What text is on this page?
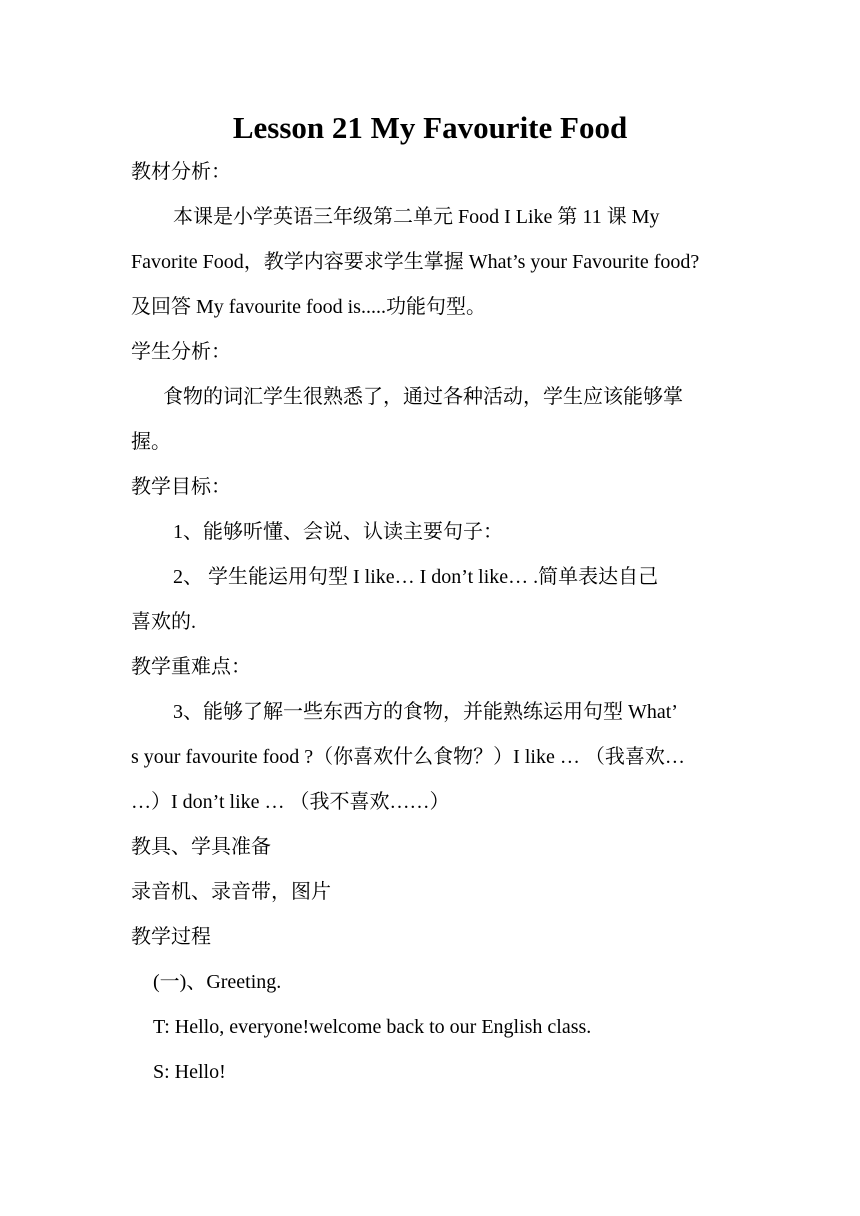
Lesson 21 My Favourite Food
教材分析：
本课是小学英语三年级第二单元 Food I Like 第 11 课 My
Favorite Food，教学内容要求学生掌握 What’s your Favourite food?
及回答 My favourite food is.....功能句型。
学生分析：
食物的词汇学生很熟悉了，通过各种活动，学生应该能够掌
握。
教学目标：
1、能够听懂、会说、认读主要句子：
2、 学生能运用句型 I like… I don’t like… .简单表达自己
喜欢的.
教学重难点：
3、能够了解一些东西方的食物，并能熟练运用句型 What’
s your favourite food ?（你喜欢什么食物？）I like … （我喜欢…
…）I don’t like … （我不喜欢……）
教具、学具准备
录音机、录音带，图片
教学过程
(一)、Greeting.
T: Hello, everyone!welcome back to our English class.
S: Hello!
